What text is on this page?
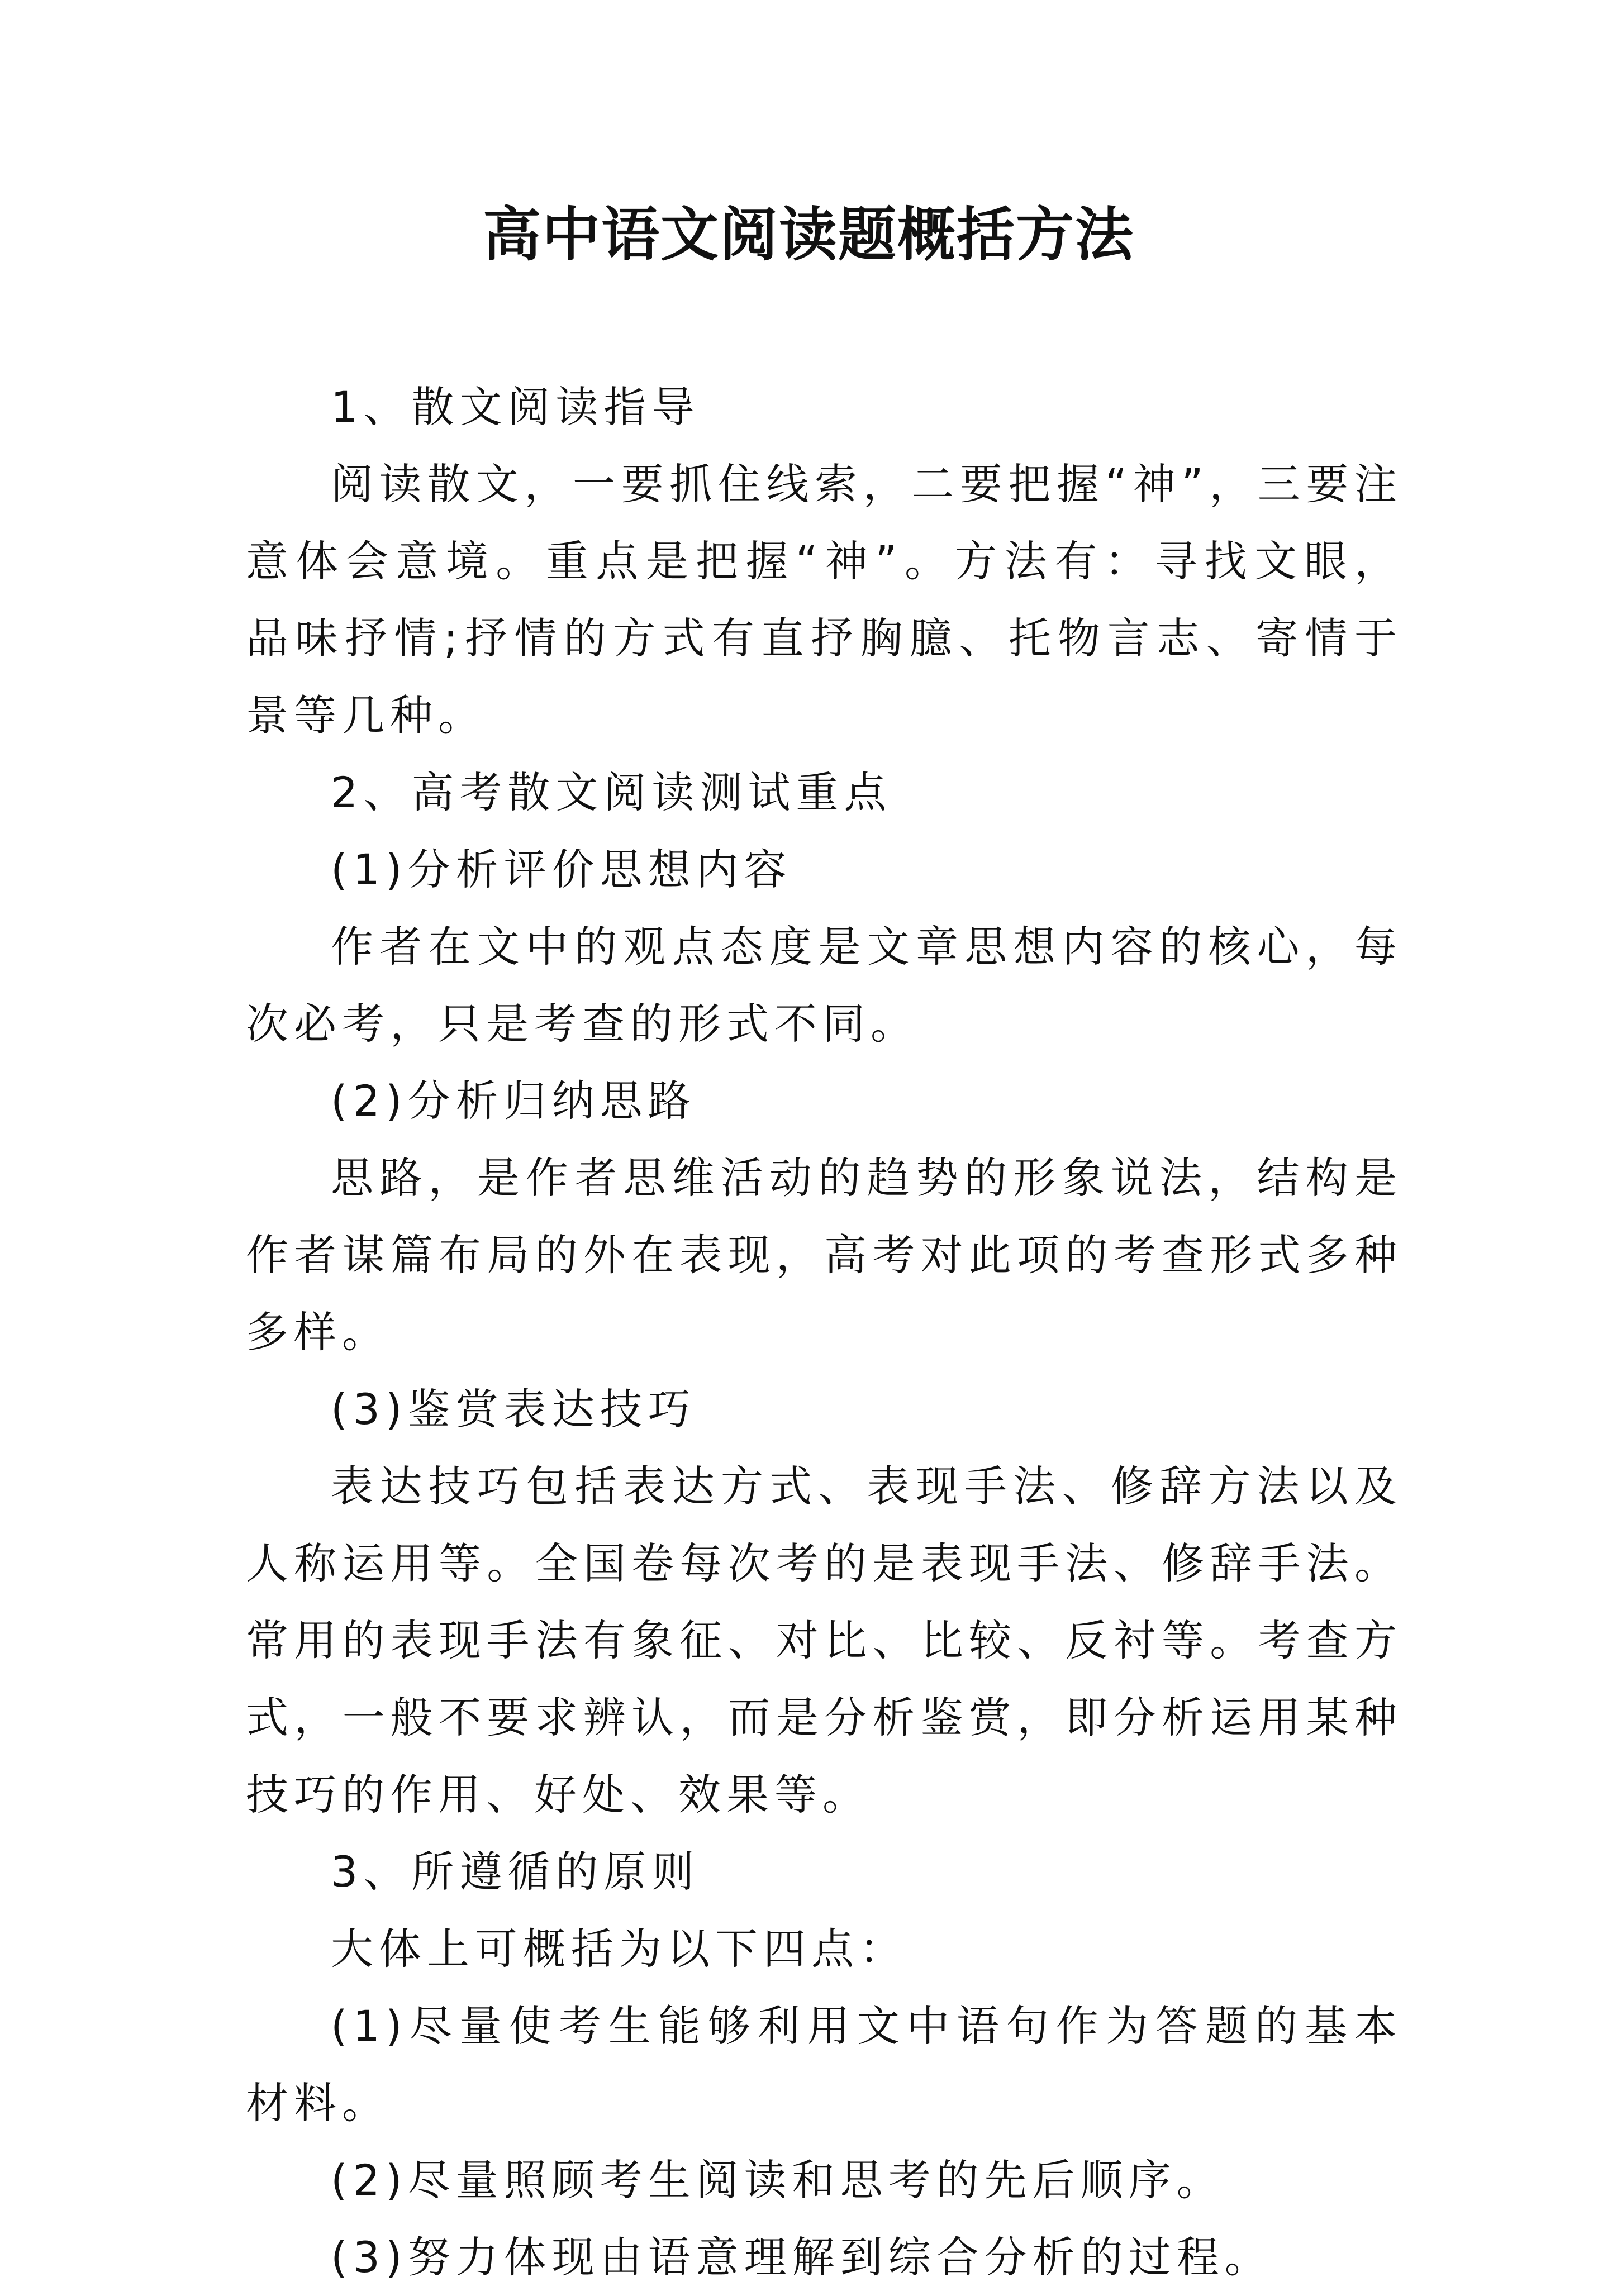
高中语文阅读题概括方法

1、散文阅读指导

阅读散文，一要抓住线索，二要把握“神”，三要注意体会意境。重点是把握“神”。方法有：寻找文眼，品味抒情;抒情的方式有直抒胸臆、托物言志、寄情于景等几种。

2、高考散文阅读测试重点

(1)分析评价思想内容

作者在文中的观点态度是文章思想内容的核心，每次必考，只是考查的形式不同。

(2)分析归纳思路

思路，是作者思维活动的趋势的形象说法，结构是作者谋篇布局的外在表现，高考对此项的考查形式多种多样。

(3)鉴赏表达技巧

表达技巧包括表达方式、表现手法、修辞方法以及人称运用等。全国卷每次考的是表现手法、修辞手法。常用的表现手法有象征、对比、比较、反衬等。考查方式，一般不要求辨认，而是分析鉴赏，即分析运用某种技巧的作用、好处、效果等。

3、所遵循的原则

大体上可概括为以下四点：

(1)尽量使考生能够利用文中语句作为答题的基本材料。

(2)尽量照顾考生阅读和思考的先后顺序。

(3)努力体现由语意理解到综合分析的过程。
